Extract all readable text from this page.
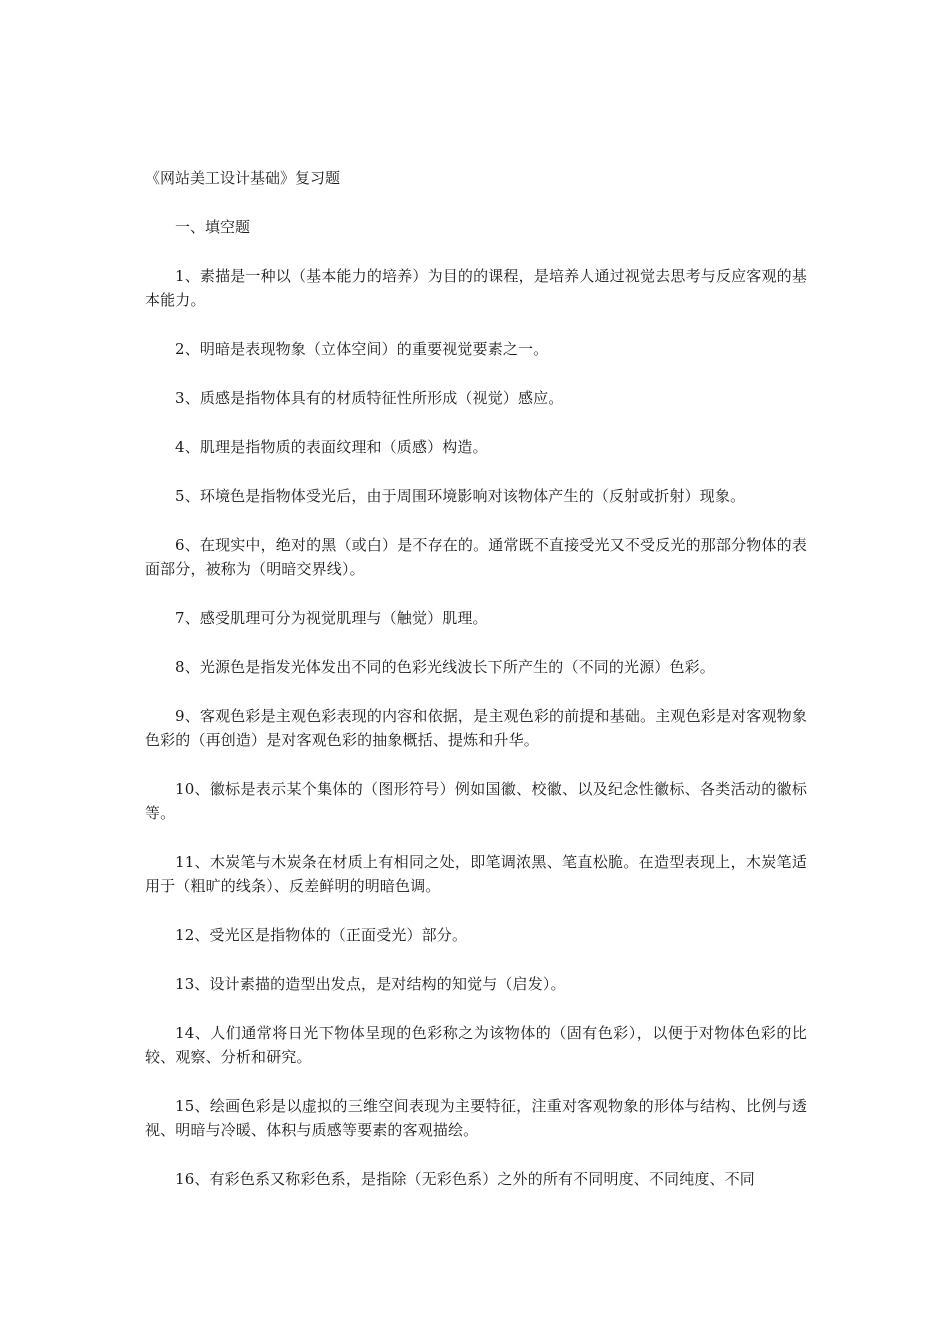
《网站美工设计基础》复习题

一、填空题

1、素描是一种以（基本能力的培养）为目的的课程，是培养人通过视觉去思考与反应客观的基本能力。

2、明暗是表现物象（立体空间）的重要视觉要素之一。

3、质感是指物体具有的材质特征性所形成（视觉）感应。

4、肌理是指物质的表面纹理和（质感）构造。

5、环境色是指物体受光后，由于周围环境影响对该物体产生的（反射或折射）现象。

6、在现实中，绝对的黑（或白）是不存在的。通常既不直接受光又不受反光的那部分物体的表面部分，被称为（明暗交界线）。

7、感受肌理可分为视觉肌理与（触觉）肌理。

8、光源色是指发光体发出不同的色彩光线波长下所产生的（不同的光源）色彩。

9、客观色彩是主观色彩表现的内容和依据，是主观色彩的前提和基础。主观色彩是对客观物象色彩的（再创造）是对客观色彩的抽象概括、提炼和升华。

10、徽标是表示某个集体的（图形符号）例如国徽、校徽、以及纪念性徽标、各类活动的徽标等。

11、木炭笔与木炭条在材质上有相同之处，即笔调浓黑、笔直松脆。在造型表现上，木炭笔适用于（粗旷的线条）、反差鲜明的明暗色调。

12、受光区是指物体的（正面受光）部分。

13、设计素描的造型出发点，是对结构的知觉与（启发）。

14、人们通常将日光下物体呈现的色彩称之为该物体的（固有色彩），以便于对物体色彩的比较、观察、分析和研究。

15、绘画色彩是以虚拟的三维空间表现为主要特征，注重对客观物象的形体与结构、比例与透视、明暗与冷暖、体积与质感等要素的客观描绘。

16、有彩色系又称彩色系，是指除（无彩色系）之外的所有不同明度、不同纯度、不同
